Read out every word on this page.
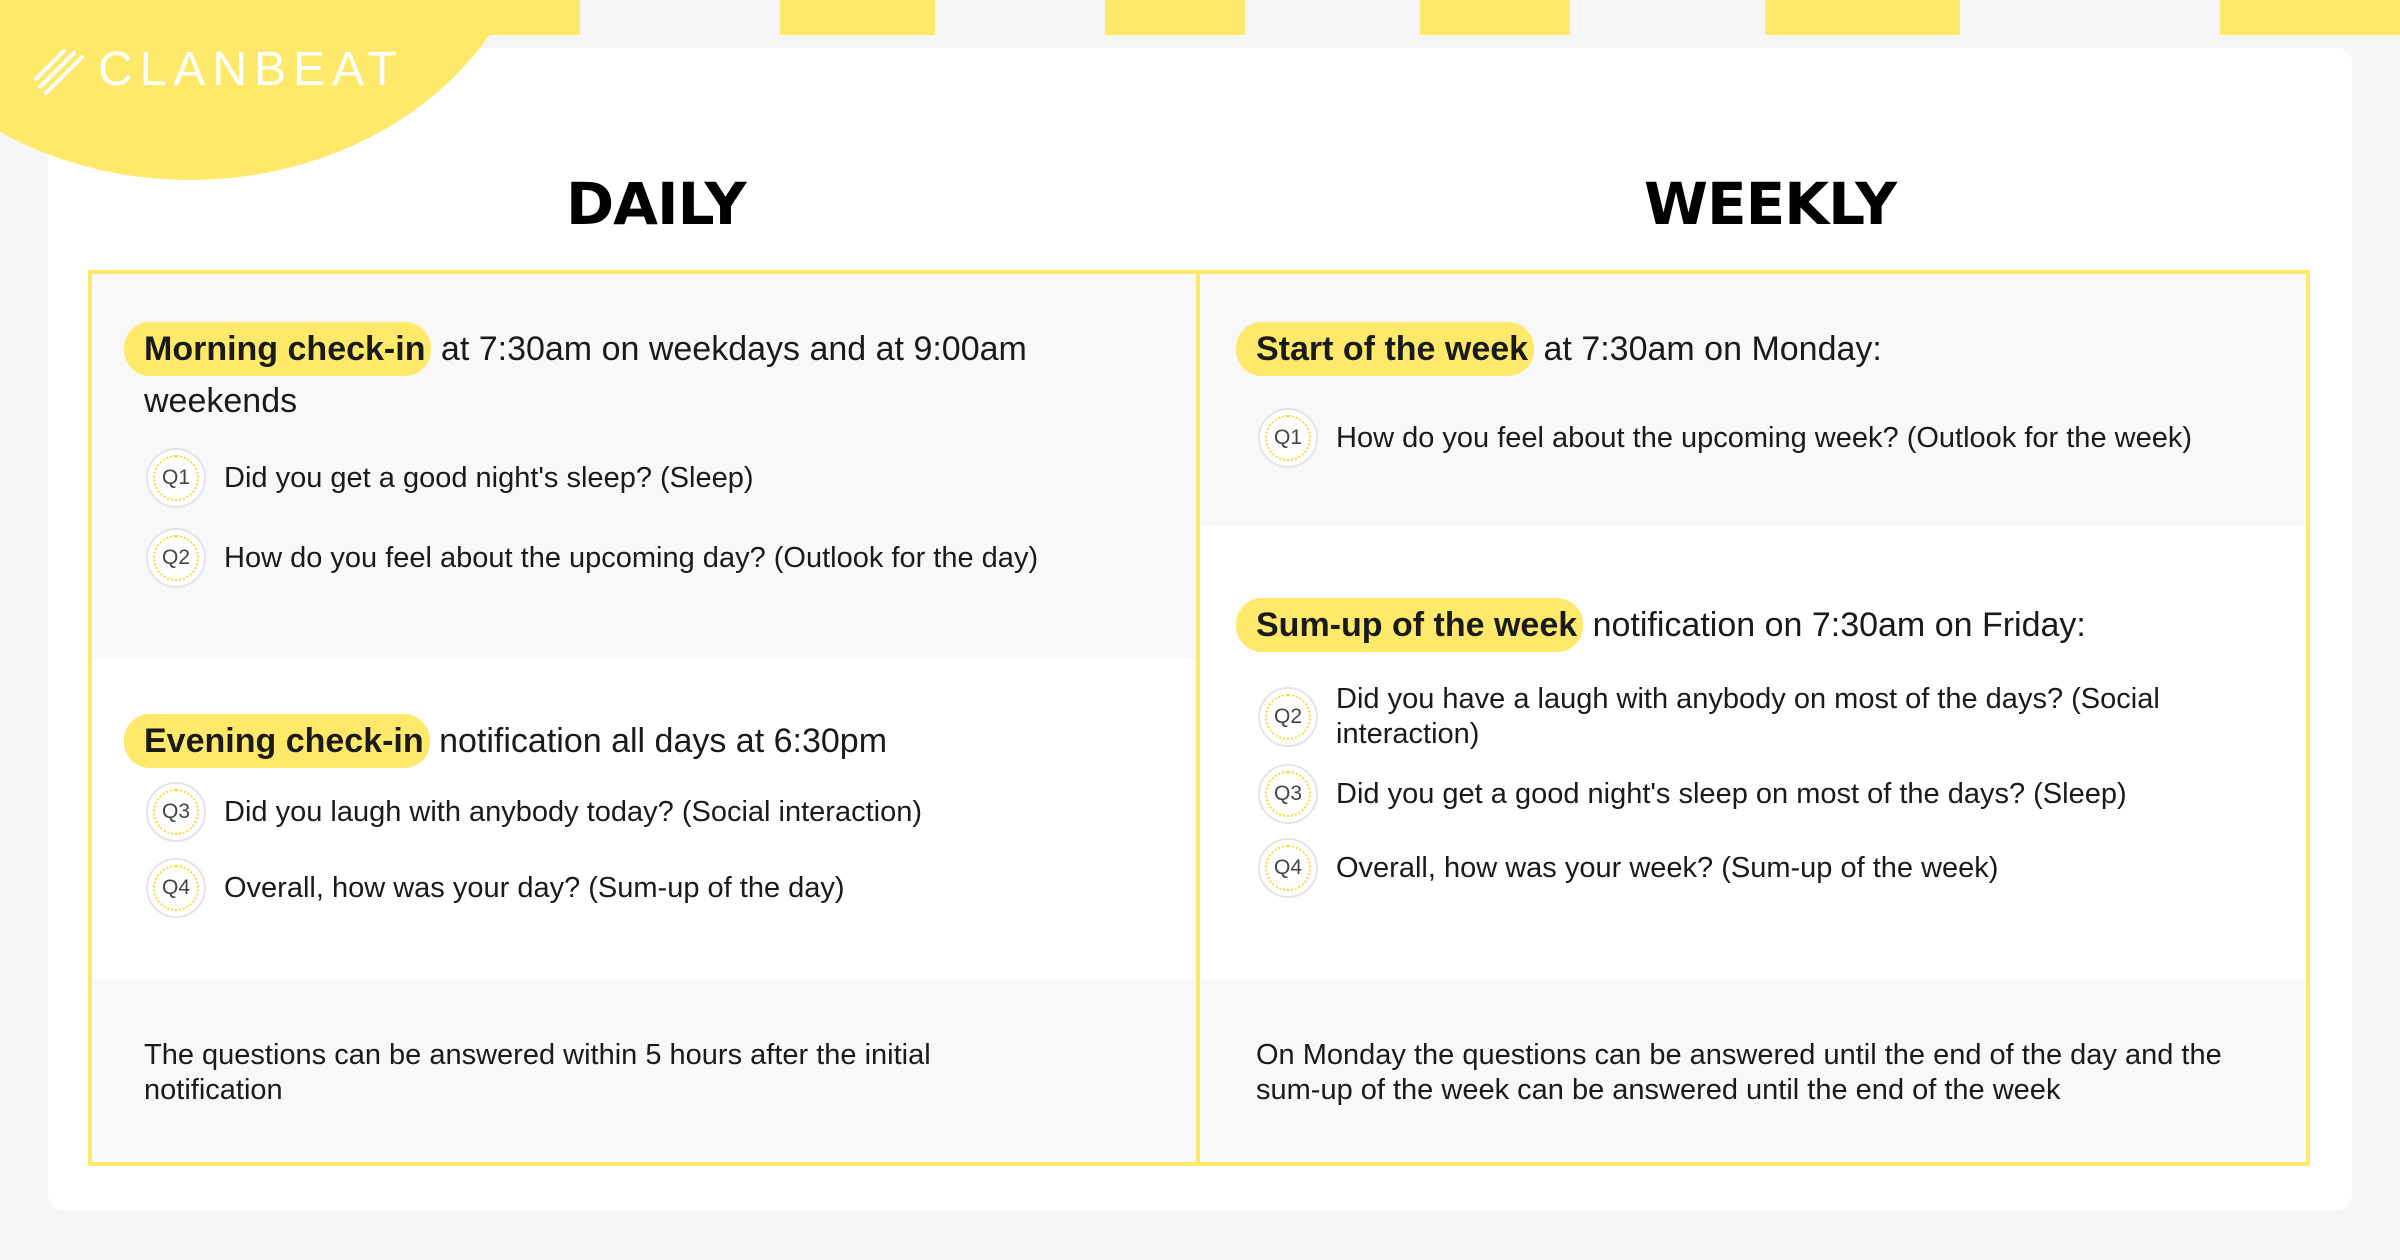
CLANBEAT
DAILY	WEEKLY
Morning check-in at 7:30am on weekdays and at 9:00am weekends
Q1 Did you get a good night's sleep? (Sleep)
Q2 How do you feel about the upcoming day? (Outlook for the day)
Evening check-in notification all days at 6:30pm
Q3 Did you laugh with anybody today? (Social interaction)
Q4 Overall, how was your day? (Sum-up of the day)
The questions can be answered within 5 hours after the initial notification
Start of the week at 7:30am on Monday:
Q1 How do you feel about the upcoming week? (Outlook for the week)
Sum-up of the week notification on 7:30am on Friday:
Q2
Did you have a laugh with anybody on most of the days? (Social interaction)
Q3 Did you get a good night's sleep on most of the days? (Sleep)
Q4 Overall, how was your week? (Sum-up of the week)
On Monday the questions can be answered until the end of the day and the sum-up of the week can be answered until the end of the week
